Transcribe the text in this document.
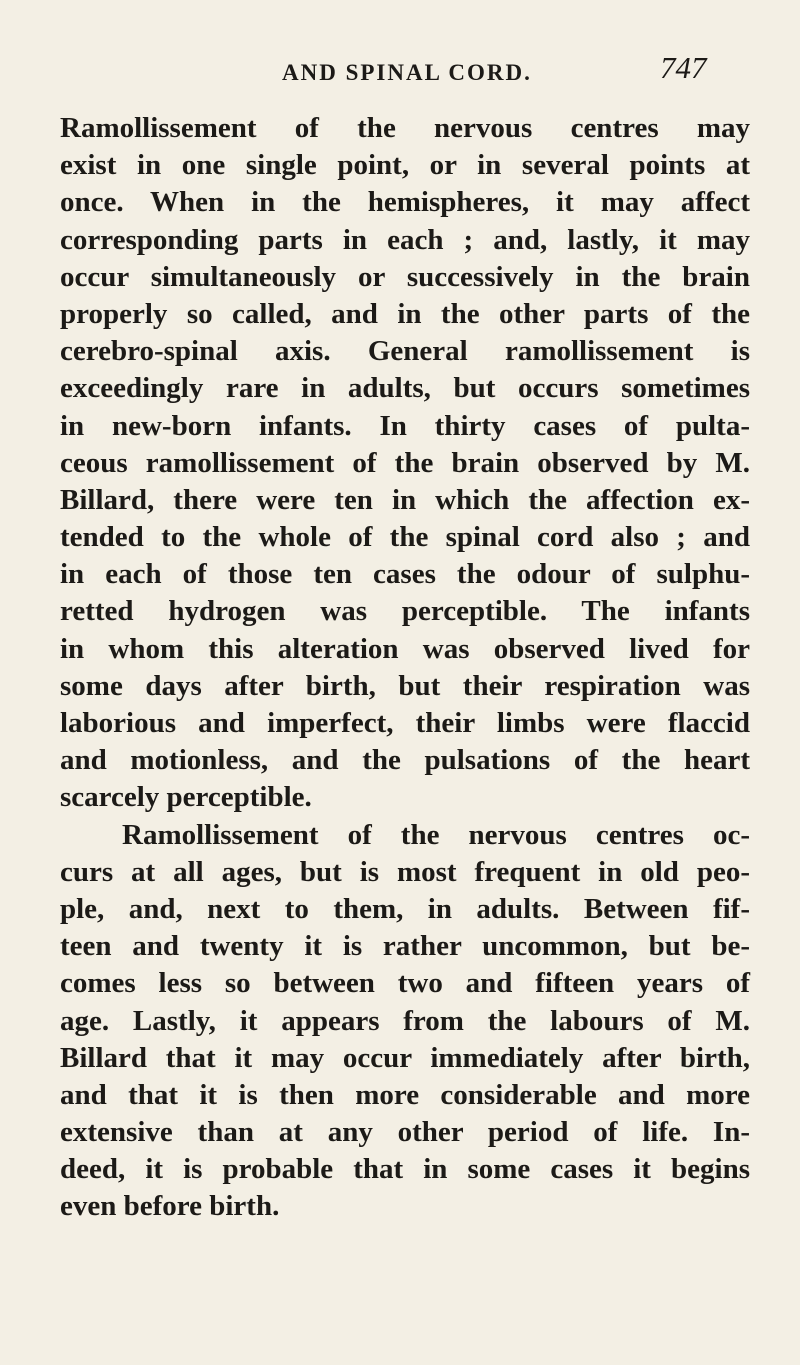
AND SPINAL CORD.	747
Ramollissement of the nervous centres may
exist in one single point, or in several points at
once. When in the hemispheres, it may affect
corresponding parts in each ; and, lastly, it may
occur simultaneously or successively in the brain
properly so called, and in the other parts of the
cerebro-spinal axis. General ramollissement is
exceedingly rare in adults, but occurs sometimes
in new-born infants. In thirty cases of pulta-
ceous ramollissement of the brain observed by M.
Billard, there were ten in which the affection ex-
tended to the whole of the spinal cord also ; and
in each of those ten cases the odour of sulphu-
retted hydrogen was perceptible. The infants
in whom this alteration was observed lived for
some days after birth, but their respiration was
laborious and imperfect, their limbs were flaccid
and motionless, and the pulsations of the heart
scarcely perceptible.
Ramollissement of the nervous centres oc-
curs at all ages, but is most frequent in old peo-
ple, and, next to them, in adults. Between fif-
teen and twenty it is rather uncommon, but be-
comes less so between two and fifteen years of
age. Lastly, it appears from the labours of M.
Billard that it may occur immediately after birth,
and that it is then more considerable and more
extensive than at any other period of life. In-
deed, it is probable that in some cases it begins
even before birth.
